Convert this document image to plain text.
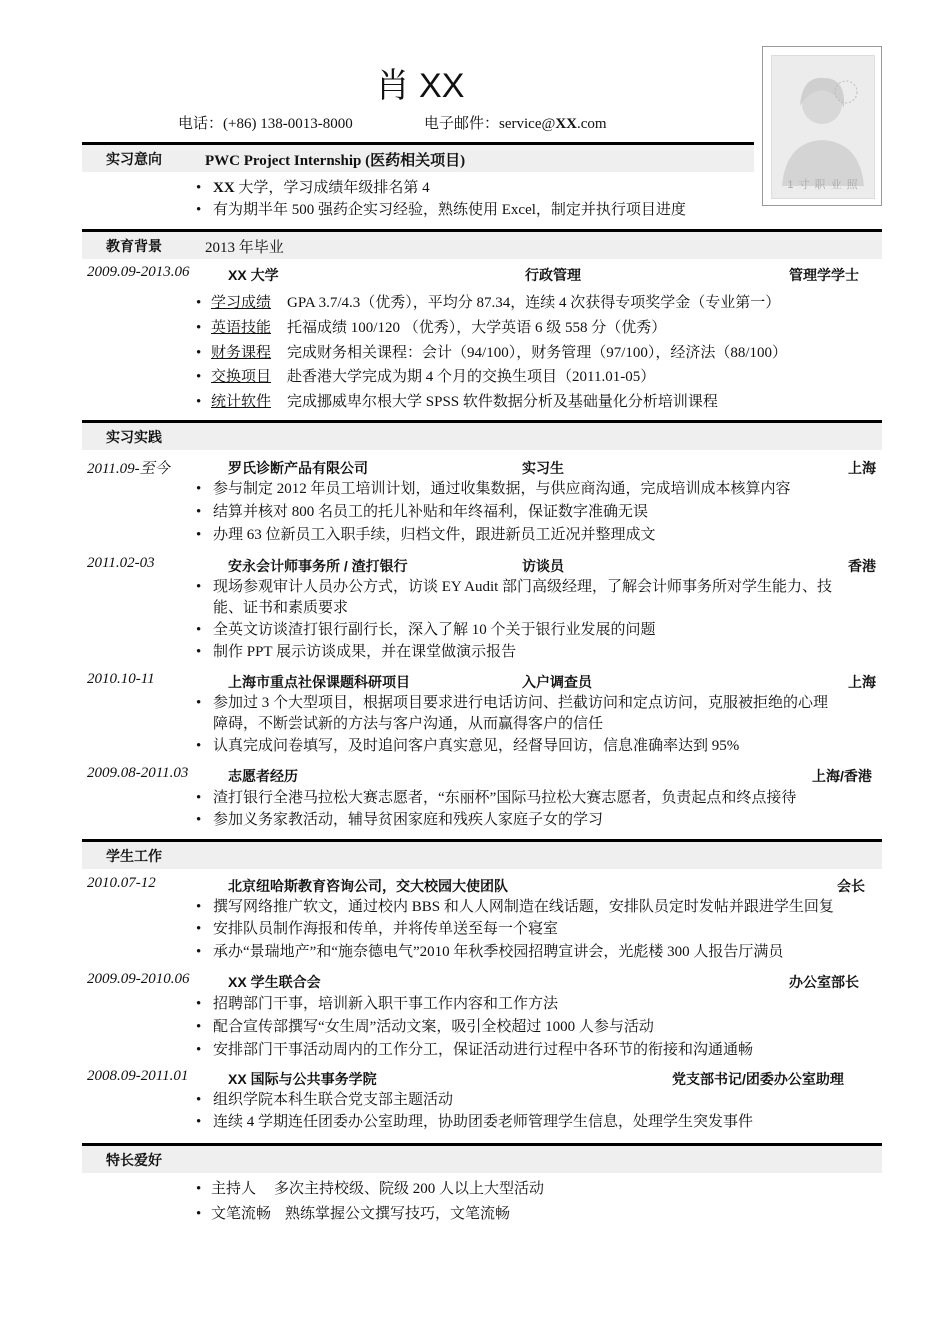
肖 XX
电话：(+86) 138-0013-8000	电子邮件：service@XX.com
1 寸 职 业 照
实习意向	PWC Project Internship (医药相关项目)
• XX 大学，学习成绩年级排名第 4
• 有为期半年 500 强药企实习经验，熟练使用 Excel，制定并执行项目进度
教育背景	2013 年毕业
2009.09-2013.06	XX 大学	行政管理	管理学学士
• 学习成绩 GPA 3.7/4.3（优秀），平均分 87.34，连续 4 次获得专项奖学金（专业第一）
• 英语技能 托福成绩 100/120 （优秀），大学英语 6 级 558 分（优秀）
• 财务课程 完成财务相关课程：会计（94/100），财务管理（97/100），经济法（88/100）
• 交换项目 赴香港大学完成为期 4 个月的交换生项目（2011.01-05）
• 统计软件 完成挪威卑尔根大学 SPSS 软件数据分析及基础量化分析培训课程
实习实践
2011.09-至今	罗氏诊断产品有限公司	实习生	上海
• 参与制定 2012 年员工培训计划，通过收集数据，与供应商沟通，完成培训成本核算内容
• 结算并核对 800 名员工的托儿补贴和年终福利，保证数字准确无误
• 办理 63 位新员工入职手续，归档文件，跟进新员工近况并整理成文
2011.02-03	安永会计师事务所 / 渣打银行	访谈员	香港
• 现场参观审计人员办公方式，访谈 EY Audit 部门高级经理，了解会计师事务所对学生能力、技
能、证书和素质要求
• 全英文访谈渣打银行副行长，深入了解 10 个关于银行业发展的问题
• 制作 PPT 展示访谈成果，并在课堂做演示报告
2010.10-11	上海市重点社保课题科研项目	入户调查员	上海
• 参加过 3 个大型项目，根据项目要求进行电话访问、拦截访问和定点访问，克服被拒绝的心理
障碍，不断尝试新的方法与客户沟通，从而赢得客户的信任
• 认真完成问卷填写，及时追问客户真实意见，经督导回访，信息准确率达到 95%
2009.08-2011.03	志愿者经历	上海/香港
• 渣打银行全港马拉松大赛志愿者，“东丽杯”国际马拉松大赛志愿者，负责起点和终点接待
• 参加义务家教活动，辅导贫困家庭和残疾人家庭子女的学习
学生工作
2010.07-12	北京纽哈斯教育咨询公司，交大校园大使团队	会长
• 撰写网络推广软文，通过校内 BBS 和人人网制造在线话题，安排队员定时发帖并跟进学生回复
• 安排队员制作海报和传单，并将传单送至每一个寝室
• 承办“景瑞地产”和“施奈德电气”2010 年秋季校园招聘宣讲会，光彪楼 300 人报告厅满员
2009.09-2010.06	XX 学生联合会	办公室部长
• 招聘部门干事，培训新入职干事工作内容和工作方法
• 配合宣传部撰写“女生周”活动文案，吸引全校超过 1000 人参与活动
• 安排部门干事活动周内的工作分工，保证活动进行过程中各环节的衔接和沟通通畅
2008.09-2011.01	XX 国际与公共事务学院	党支部书记/团委办公室助理
• 组织学院本科生联合党支部主题活动
• 连续 4 学期连任团委办公室助理，协助团委老师管理学生信息，处理学生突发事件
特长爱好
• 主持人 多次主持校级、院级 200 人以上大型活动
• 文笔流畅 熟练掌握公文撰写技巧，文笔流畅
